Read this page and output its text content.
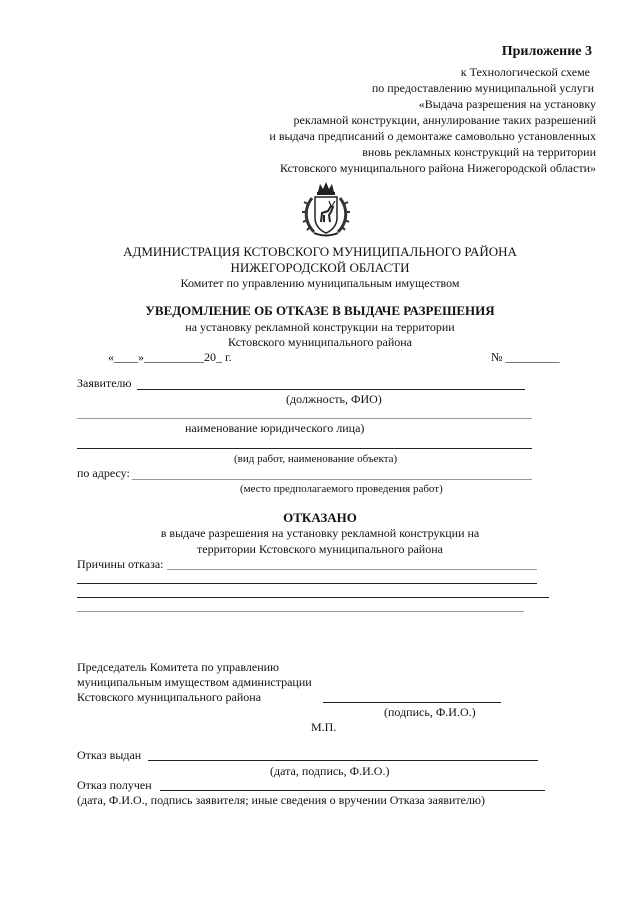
Приложение 3
к Технологической схеме
по предоставлению муниципальной услуги
«Выдача разрешения на установку
рекламной конструкции, аннулирование таких разрешений
и выдача предписаний о демонтаже самовольно установленных
вновь рекламных конструкций на территории
Кстовского муниципального района Нижегородской области»
АДМИНИСТРАЦИЯ КСТОВСКОГО МУНИЦИПАЛЬНОГО РАЙОНА
НИЖЕГОРОДСКОЙ ОБЛАСТИ
Комитет по управлению муниципальным имуществом
УВЕДОМЛЕНИЕ ОБ ОТКАЗЕ В ВЫДАЧЕ РАЗРЕШЕНИЯ
на установку рекламной конструкции на территории
Кстовского муниципального района
«____»__________20_ г.	№ _________
Заявителю
(должность, ФИО)
наименование юридического лица)
(вид работ, наименование объекта)
по адресу:
(место предполагаемого проведения работ)
ОТКАЗАНО
в выдаче разрешения на установку рекламной конструкции на
территории Кстовского муниципального района
Причины отказа:
Председатель Комитета по управлению
муниципальным имуществом администрации
Кстовского муниципального района
(подпись, Ф.И.О.)
М.П.
Отказ выдан
(дата, подпись, Ф.И.О.)
Отказ получен
(дата, Ф.И.О., подпись заявителя; иные сведения о вручении Отказа заявителю)
